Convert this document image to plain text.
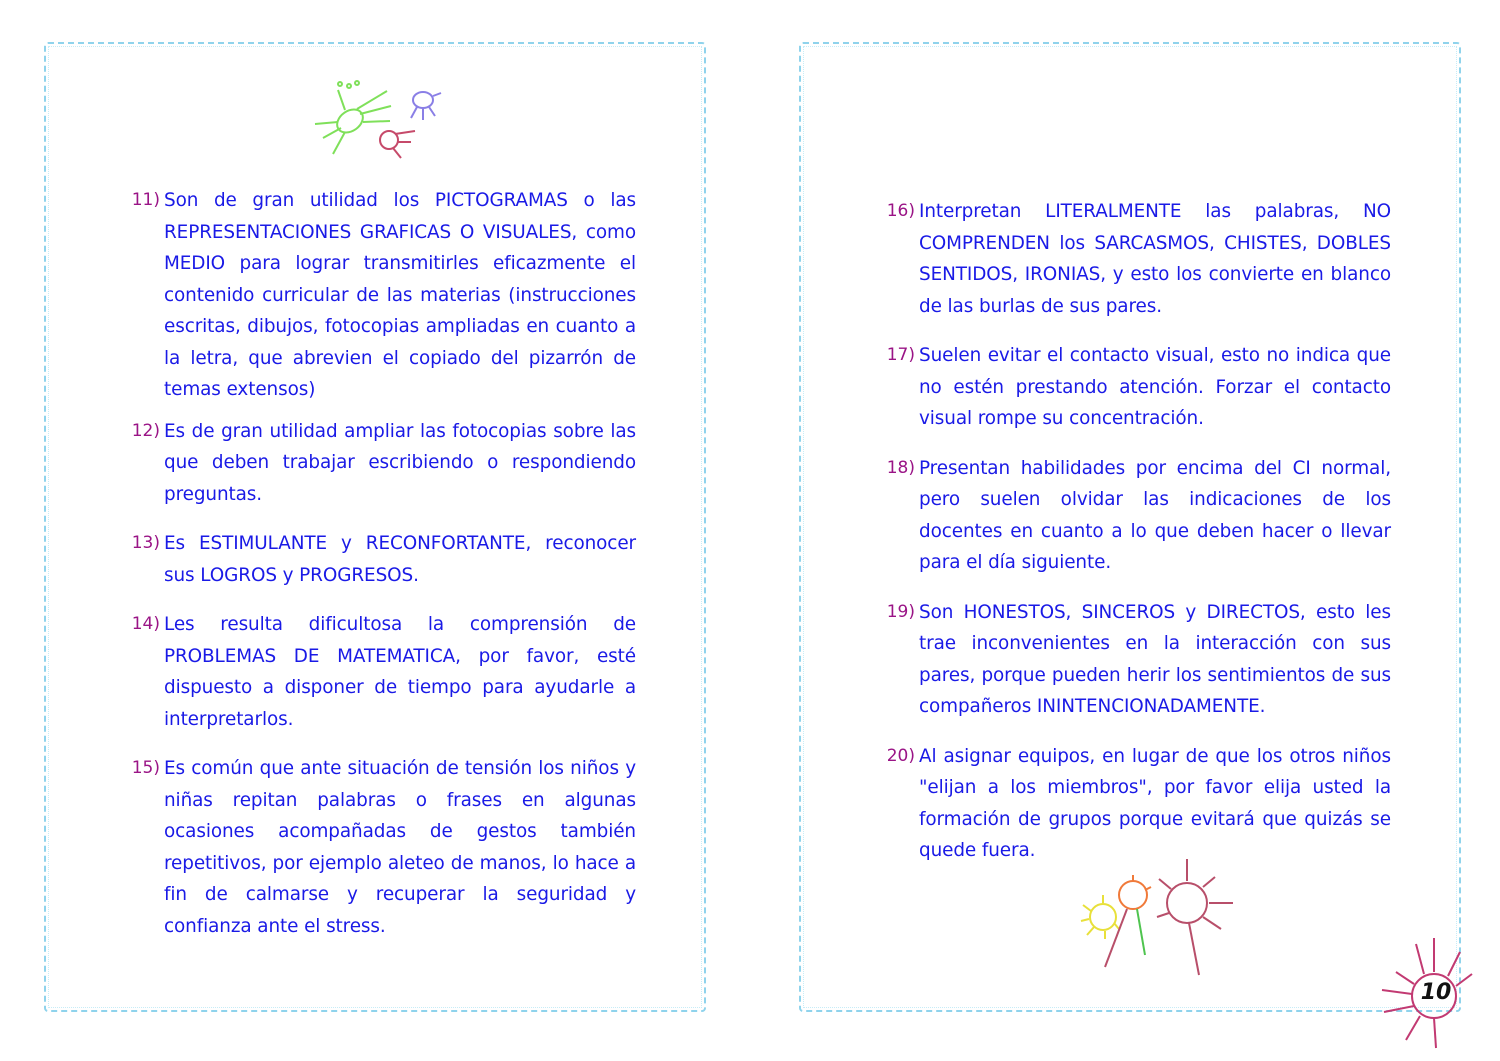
11) Son de gran utilidad los PICTOGRAMAS o las REPRESENTACIONES GRAFICAS O VISUALES, como MEDIO para lograr transmitirles eficazmente el contenido curricular de las materias (instrucciones escritas, dibujos, fotocopias ampliadas en cuanto a la letra, que abrevien el copiado del pizarrón de temas extensos)
12) Es de gran utilidad ampliar las fotocopias sobre las que deben trabajar escribiendo o respondiendo preguntas.
13) Es ESTIMULANTE y RECONFORTANTE, reconocer sus LOGROS y PROGRESOS.
14) Les resulta dificultosa la comprensión de PROBLEMAS DE MATEMATICA, por favor, esté dispuesto a disponer de tiempo para ayudarle a interpretarlos.
15) Es común que ante situación de tensión los niños y niñas repitan palabras o frases en algunas ocasiones acompañadas de gestos también repetitivos, por ejemplo aleteo de manos, lo hace a fin de calmarse y recuperar la seguridad y confianza ante el stress.
16) Interpretan LITERALMENTE las palabras, NO COMPRENDEN los SARCASMOS, CHISTES, DOBLES SENTIDOS, IRONIAS, y esto los convierte en blanco de las burlas de sus pares.
17) Suelen evitar el contacto visual, esto no indica que no estén prestando atención. Forzar el contacto visual rompe su concentración.
18) Presentan habilidades por encima del CI normal, pero suelen olvidar las indicaciones de los docentes en cuanto a lo que deben hacer o llevar para el día siguiente.
19) Son HONESTOS, SINCEROS y DIRECTOS, esto les trae inconvenientes en la interacción con sus pares, porque pueden herir los sentimientos de sus compañeros ININTENCIONADAMENTE.
20) Al asignar equipos, en lugar de que los otros niños "elijan a los miembros", por favor elija usted la formación de grupos porque evitará que quizás se quede fuera.
10
